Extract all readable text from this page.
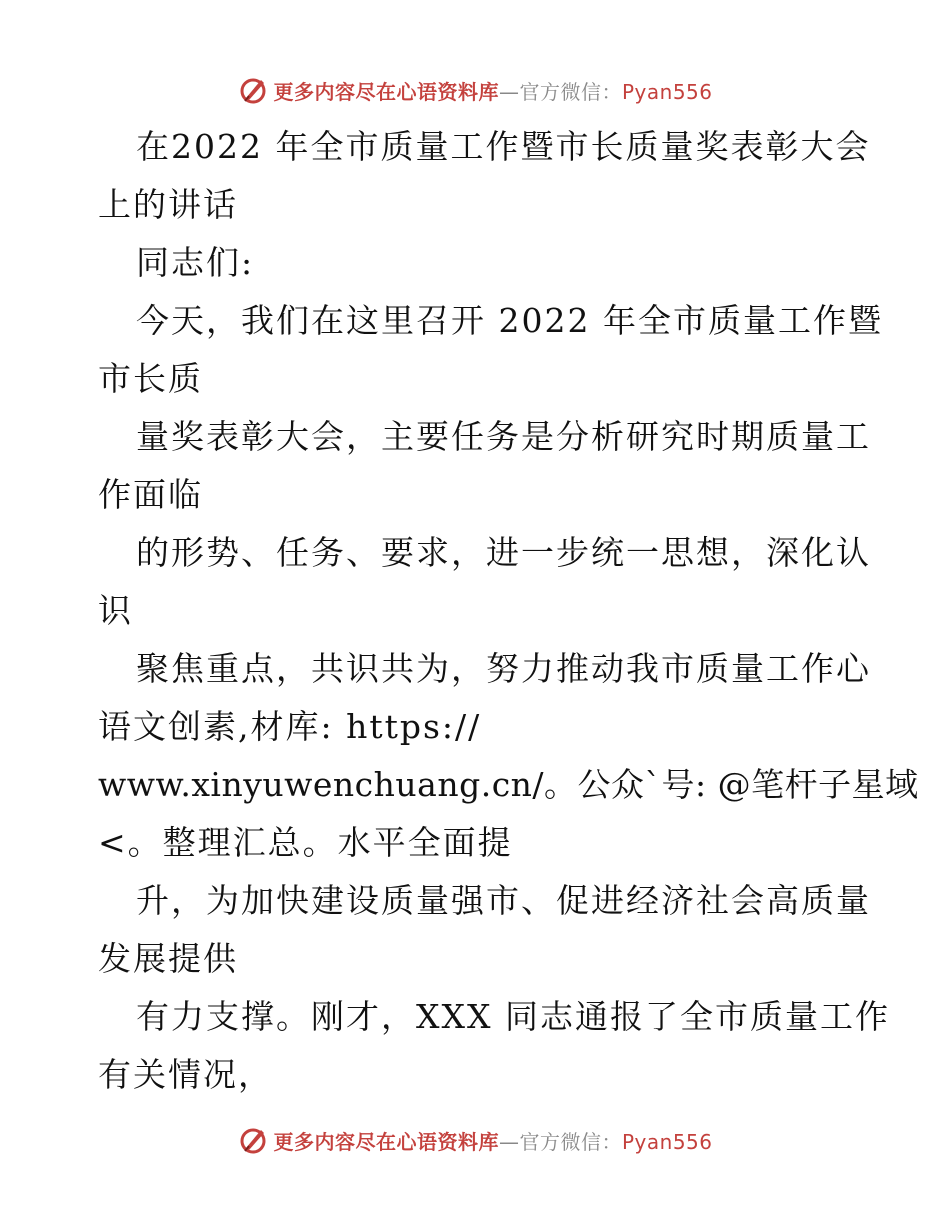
更多内容尽在心语资料库—官方微信：Pyan556
在2022 年全市质量工作暨市长质量奖表彰大会
上的讲话
同志们:
今天，我们在这里召开 2022 年全市质量工作暨
市长质
量奖表彰大会，主要任务是分析研究时期质量工
作面临
的形势、任务、要求，进一步统一思想，深化认
识
聚焦重点，共识共为，努力推动我市质量工作心
语文创素,材库: https://
www.xinyuwenchuang.cn/。公众`号: @笔杆子星域
<。整理汇总。水平全面提
升，为加快建设质量强市、促进经济社会高质量
发展提供
有力支撑。刚才，XXX 同志通报了全市质量工作
有关情况，
更多内容尽在心语资料库—官方微信：Pyan556
